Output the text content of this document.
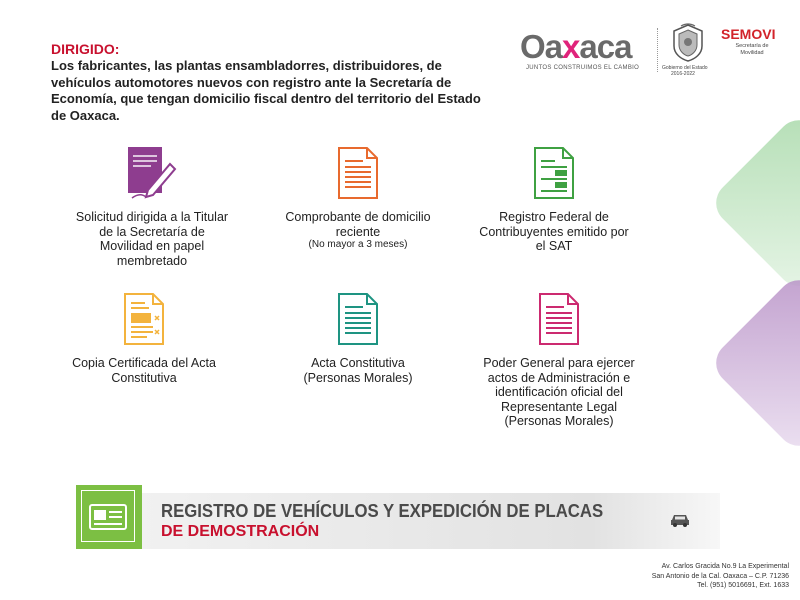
DIRIGIDO:
Los fabricantes, las plantas ensambladorres, distribuidores, de vehículos automotores nuevos con registro ante la Secretaría de Economía, que tengan domicilio fiscal dentro del territorio del Estado de Oaxaca.
Oaxaca
JUNTOS CONSTRUIMOS EL CAMBIO	Gobierno del Estado
2016-2022
SEMOVI
Secretaría de
Movilidad
Solicitud dirigida a la Titular de la Secretaría de Movilidad en papel membretado
Comprobante de domicilio reciente
(No mayor a 3 meses)
Registro Federal de Contribuyentes emitido por el SAT
Copia Certificada del Acta Constitutiva
Acta Constitutiva (Personas Morales)
Poder General para ejercer actos de Administración e identificación oficial del Representante Legal (Personas Morales)
REGISTRO DE VEHÍCULOS Y EXPEDICIÓN DE PLACAS
DE DEMOSTRACIÓN
Av. Carlos Gracida No.9 La Experimental
San Antonio de la Cal. Oaxaca – C.P. 71236
Tel. (951) 5016691, Ext. 1633
